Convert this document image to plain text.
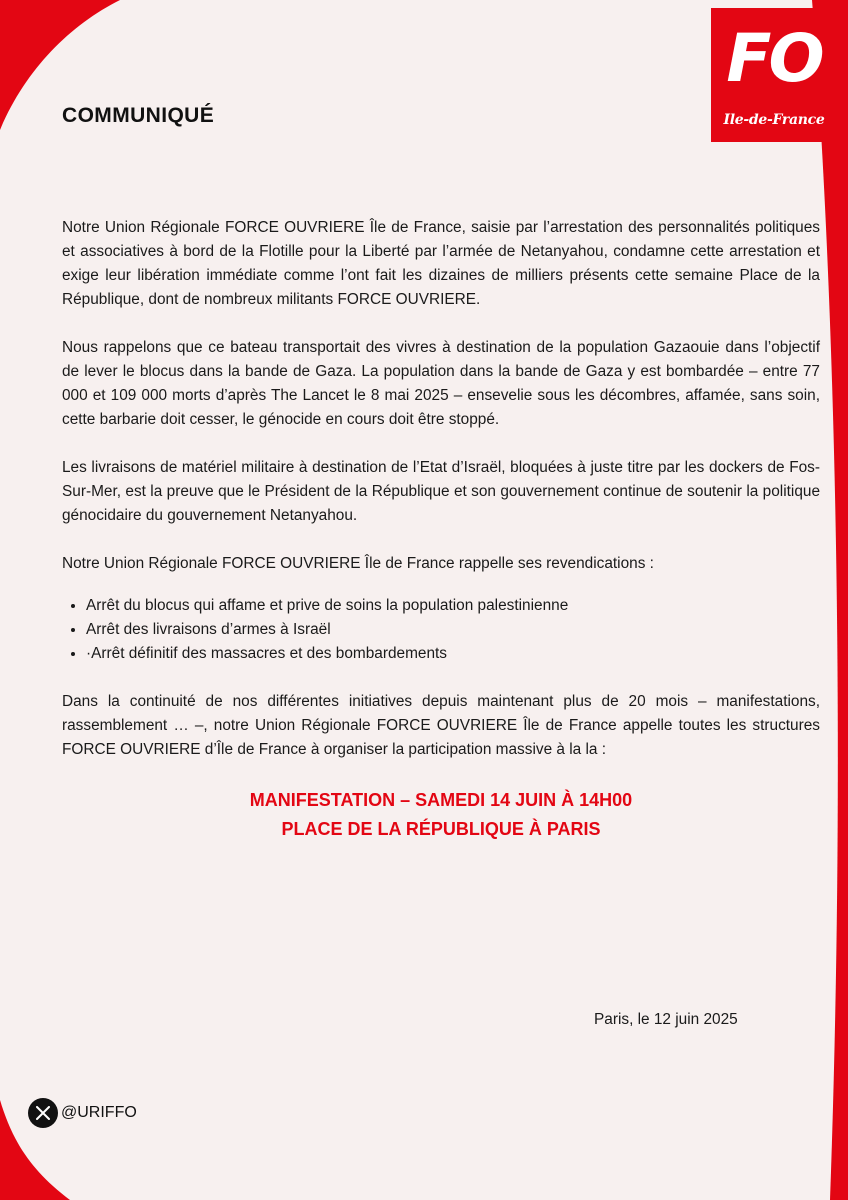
FO
Ile-de-France
COMMUNIQUÉ

Notre Union Régionale FORCE OUVRIERE Île de France, saisie par l’arrestation des personnalités politiques et associatives à bord de la Flotille pour la Liberté par l’armée de Netanyahou, condamne cette arrestation et exige leur libération immédiate comme l’ont fait les dizaines de milliers présents cette semaine Place de la République, dont de nombreux militants FORCE OUVRIERE.

Nous rappelons que ce bateau transportait des vivres à destination de la population Gazaouie dans l’objectif de lever le blocus dans la bande de Gaza. La population dans la bande de Gaza y est bombardée – entre 77 000 et 109 000 morts d’après The Lancet le 8 mai 2025 – ensevelie sous les décombres, affamée, sans soin, cette barbarie doit cesser, le génocide en cours doit être stoppé.

Les livraisons de matériel militaire à destination de l’Etat d’Israël, bloquées à juste titre par les dockers de Fos-Sur-Mer, est la preuve que le Président de la République et son gouvernement continue de soutenir la politique génocidaire du gouvernement Netanyahou.

Notre Union Régionale FORCE OUVRIERE Île de France rappelle ses revendications :

• Arrêt du blocus qui affame et prive de soins la population palestinienne
• Arrêt des livraisons d’armes à Israël
• ·Arrêt définitif des massacres et des bombardements

Dans la continuité de nos différentes initiatives depuis maintenant plus de 20 mois – manifestations, rassemblement … –, notre Union Régionale FORCE OUVRIERE Île de France appelle toutes les structures FORCE OUVRIERE d’Île de France à organiser la participation massive à la la :

MANIFESTATION – SAMEDI 14 JUIN À 14H00
PLACE DE LA RÉPUBLIQUE À PARIS
Paris, le 12 juin 2025
@URIFFO
